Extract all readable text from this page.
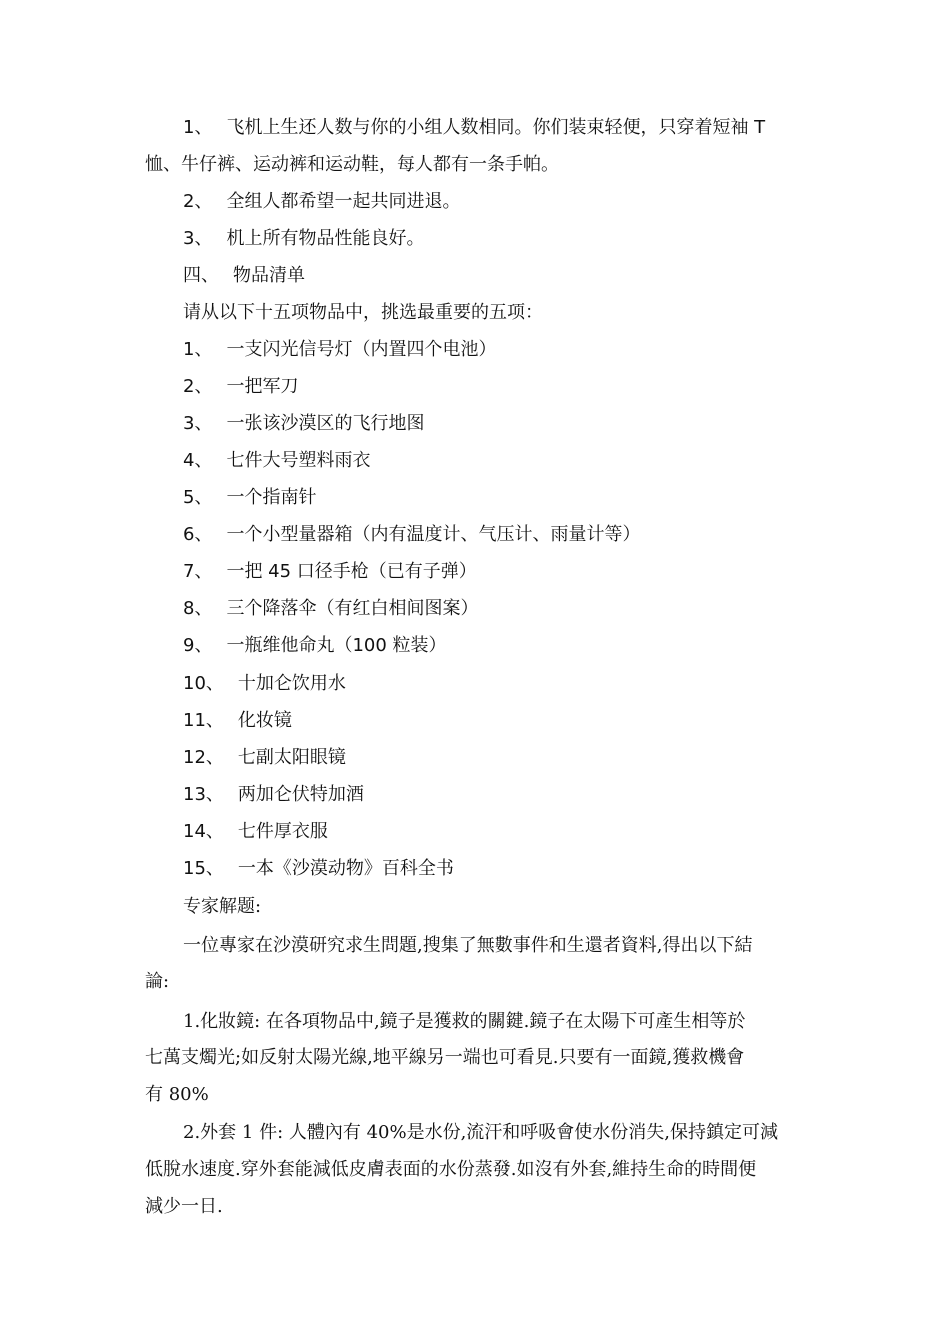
1、 飞机上生还人数与你的小组人数相同。你们装束轻便，只穿着短袖 T
恤、牛仔裤、运动裤和运动鞋，每人都有一条手帕。
2、 全组人都希望一起共同进退。
3、 机上所有物品性能良好。
四、 物品清单
请从以下十五项物品中，挑选最重要的五项：
1、 一支闪光信号灯（内置四个电池）
2、 一把军刀
3、 一张该沙漠区的飞行地图
4、 七件大号塑料雨衣
5、 一个指南针
6、 一个小型量器箱（内有温度计、气压计、雨量计等）
7、 一把 45 口径手枪（已有子弹）
8、 三个降落伞（有红白相间图案）
9、 一瓶维他命丸（100 粒装）
10、 十加仑饮用水
11、 化妆镜
12、 七副太阳眼镜
13、 两加仑伏特加酒
14、 七件厚衣服
15、 一本《沙漠动物》百科全书
专家解题:
一位專家在沙漠研究求生問題,搜集了無數事件和生還者資料,得出以下結
論:
1.化妝鏡: 在各項物品中,鏡子是獲救的關鍵.鏡子在太陽下可產生相等於
七萬支燭光;如反射太陽光線,地平線另一端也可看見.只要有一面鏡,獲救機會
有 80%
2.外套 1 件: 人體內有 40%是水份,流汗和呼吸會使水份消失,保持鎮定可減
低脫水速度.穿外套能減低皮膚表面的水份蒸發.如沒有外套,維持生命的時間便
減少一日.
